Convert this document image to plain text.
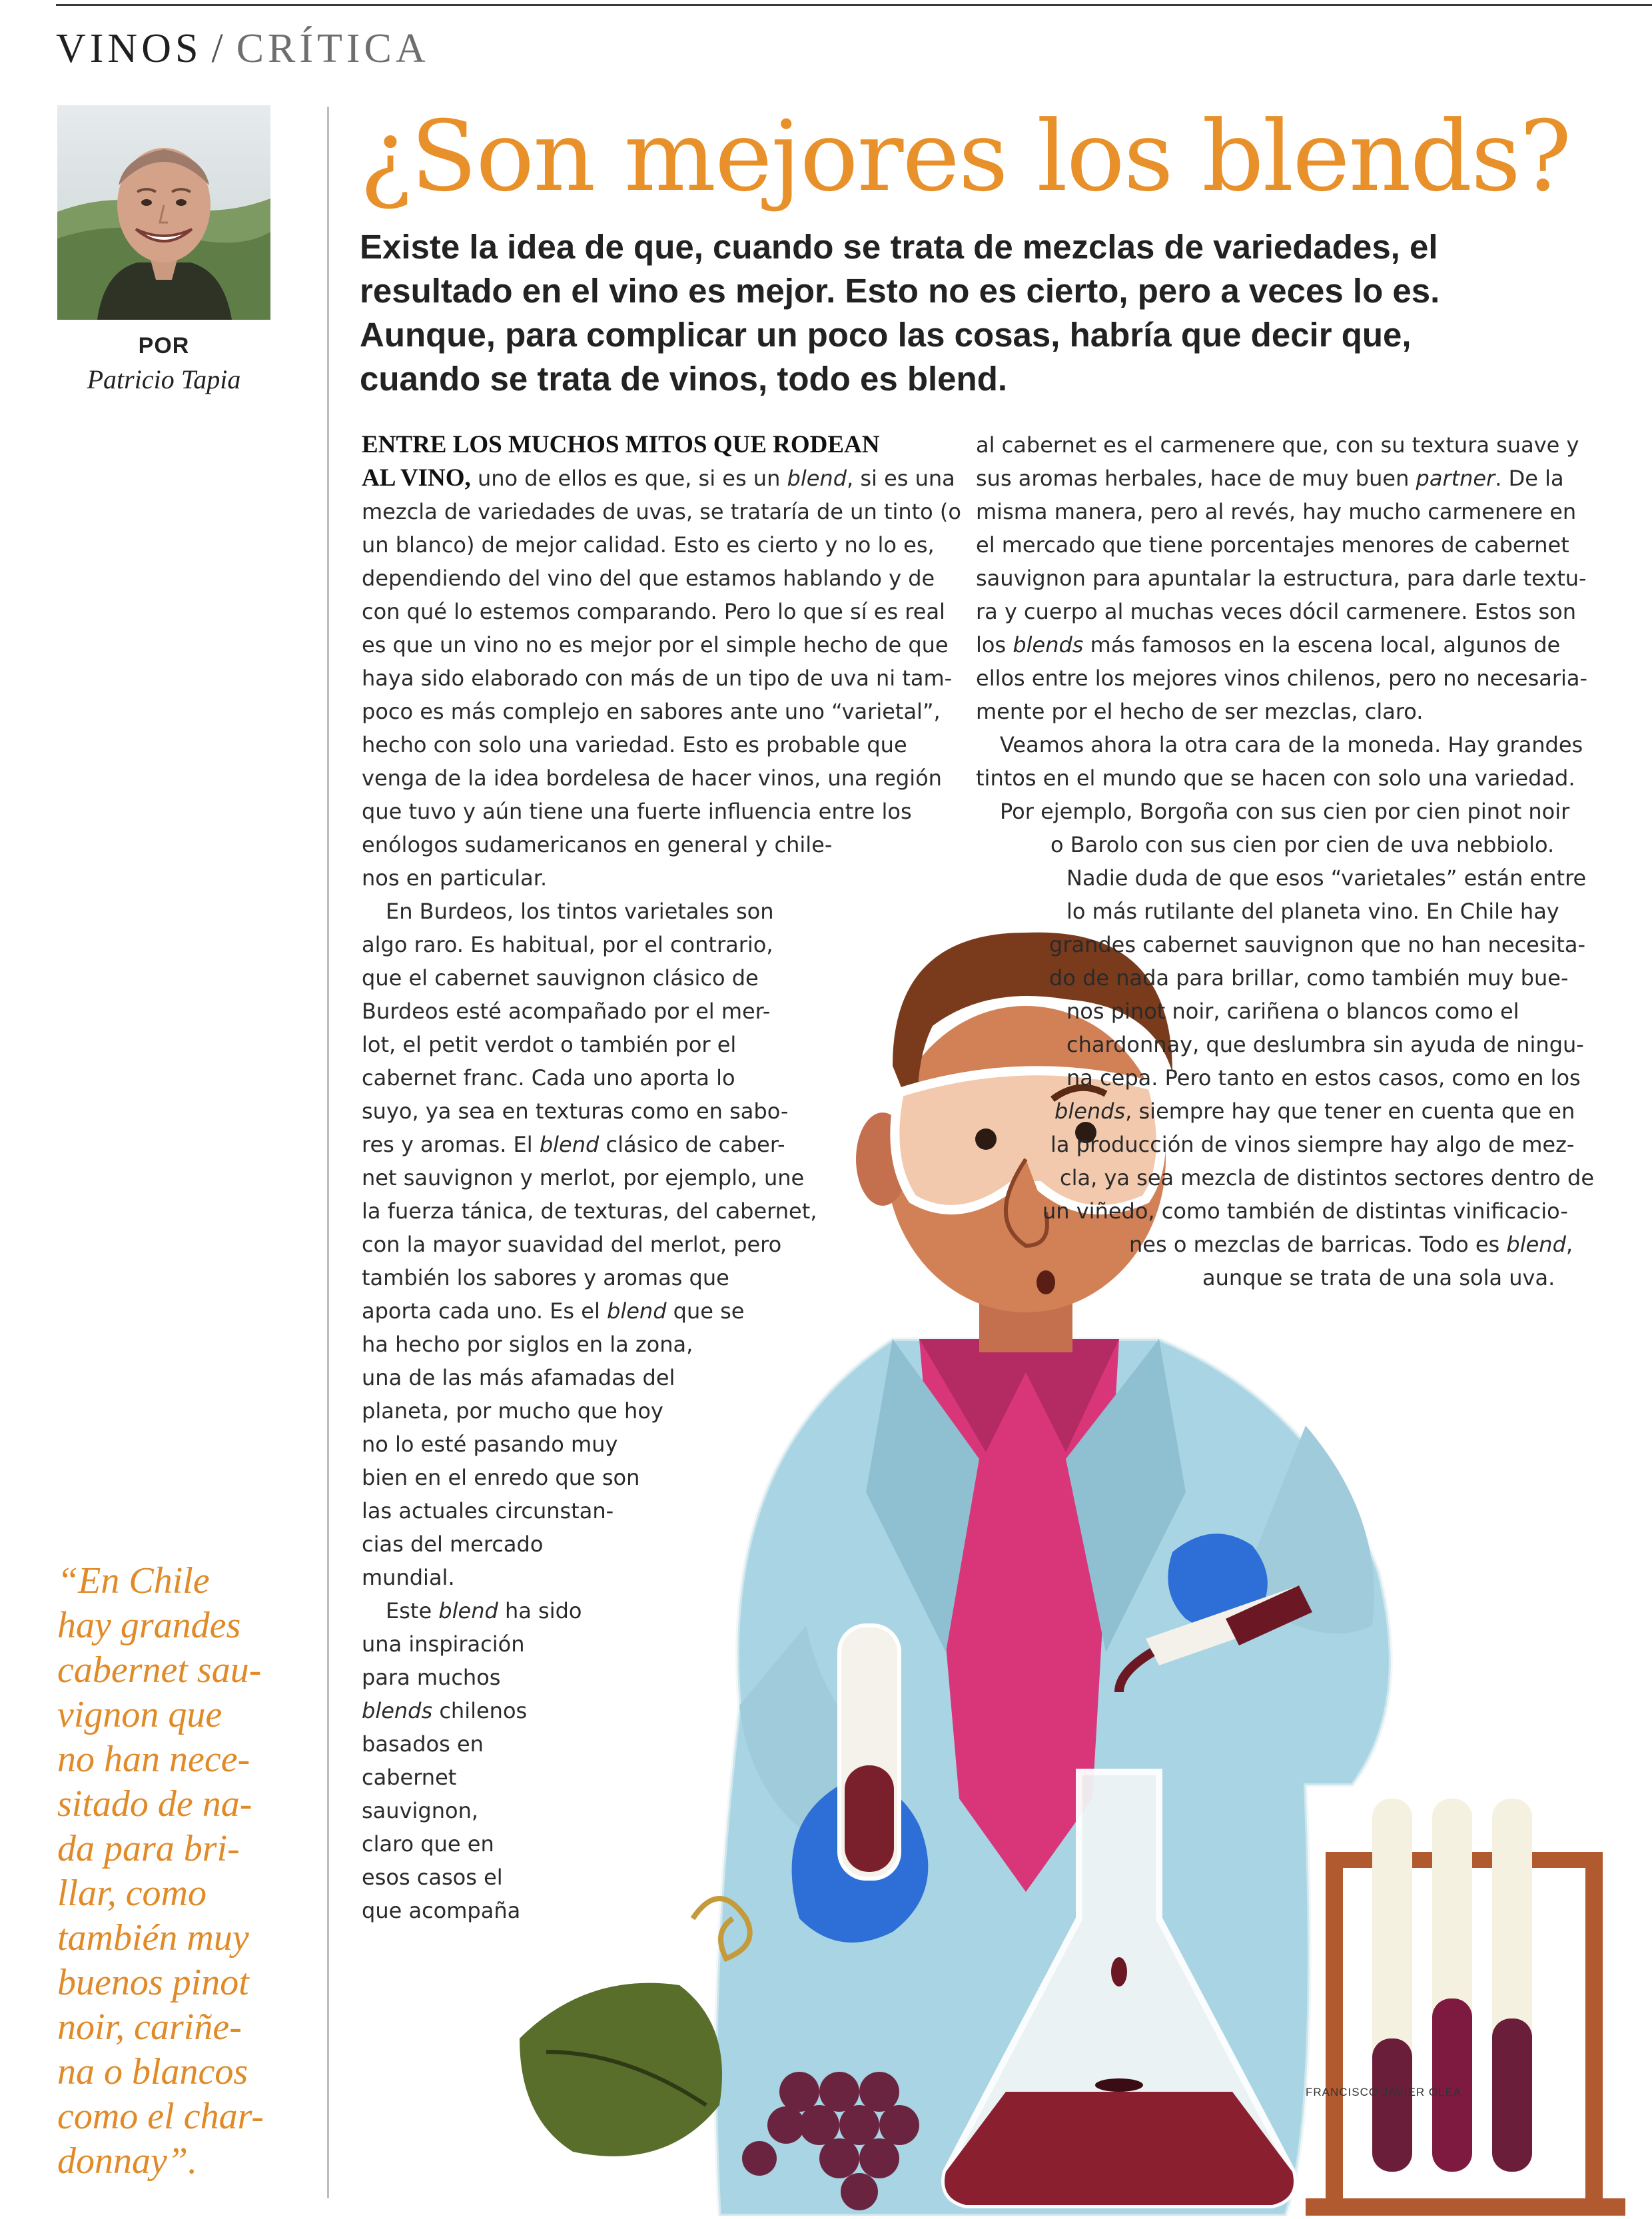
VINOS / CRÍTICA
POR
Patricio Tapia
¿Son mejores los blends?
Existe la idea de que, cuando se trata de mezclas de variedades, el
resultado en el vino es mejor. Esto no es cierto, pero a veces lo es.
Aunque, para complicar un poco las cosas, habría que decir que,
cuando se trata de vinos, todo es blend.
ENTRE LOS MUCHOS MITOS QUE RODEAN
AL VINO, uno de ellos es que, si es un blend, si es una
mezcla de variedades de uvas, se trataría de un tinto (o
un blanco) de mejor calidad. Esto es cierto y no lo es,
dependiendo del vino del que estamos hablando y de
con qué lo estemos comparando. Pero lo que sí es real
es que un vino no es mejor por el simple hecho de que
haya sido elaborado con más de un tipo de uva ni tam-
poco es más complejo en sabores ante uno “varietal”,
hecho con solo una variedad. Esto es probable que
venga de la idea bordelesa de hacer vinos, una región
que tuvo y aún tiene una fuerte influencia entre los
enólogos sudamericanos en general y chile-
nos en particular.
En Burdeos, los tintos varietales son
algo raro. Es habitual, por el contrario,
que el cabernet sauvignon clásico de
Burdeos esté acompañado por el mer-
lot, el petit verdot o también por el
cabernet franc. Cada uno aporta lo
suyo, ya sea en texturas como en sabo-
res y aromas. El blend clásico de caber-
net sauvignon y merlot, por ejemplo, une
la fuerza tánica, de texturas, del cabernet,
con la mayor suavidad del merlot, pero
también los sabores y aromas que
aporta cada uno. Es el blend que se
ha hecho por siglos en la zona,
una de las más afamadas del
planeta, por mucho que hoy
no lo esté pasando muy
bien en el enredo que son
las actuales circunstan-
cias del mercado
mundial.
Este blend ha sido
una inspiración
para muchos
blends chilenos
basados en
cabernet
sauvignon,
claro que en
esos casos el
que acompaña
al cabernet es el carmenere que, con su textura suave y
sus aromas herbales, hace de muy buen partner. De la
misma manera, pero al revés, hay mucho carmenere en
el mercado que tiene porcentajes menores de cabernet
sauvignon para apuntalar la estructura, para darle textu-
ra y cuerpo al muchas veces dócil carmenere. Estos son
los blends más famosos en la escena local, algunos de
ellos entre los mejores vinos chilenos, pero no necesaria-
mente por el hecho de ser mezclas, claro.
Veamos ahora la otra cara de la moneda. Hay grandes
tintos en el mundo que se hacen con solo una variedad.
Por ejemplo, Borgoña con sus cien por cien pinot noir
o Barolo con sus cien por cien de uva nebbiolo.
Nadie duda de que esos “varietales” están entre
lo más rutilante del planeta vino. En Chile hay
grandes cabernet sauvignon que no han necesita-
do de nada para brillar, como también muy bue-
nos pinot noir, cariñena o blancos como el
chardonnay, que deslumbra sin ayuda de ningu-
na cepa. Pero tanto en estos casos, como en los
blends, siempre hay que tener en cuenta que en
la producción de vinos siempre hay algo de mez-
cla, ya sea mezcla de distintos sectores dentro de
un viñedo, como también de distintas vinificacio-
nes o mezclas de barricas. Todo es blend,
aunque se trata de una sola uva.
“En Chile
hay grandes
cabernet sau-
vignon que
no han nece-
sitado de na-
da para bri-
llar, como
también muy
buenos pinot
noir, cariñe-
na o blancos
como el char-
donnay”.
FRANCISCO JAVIER OLEA
